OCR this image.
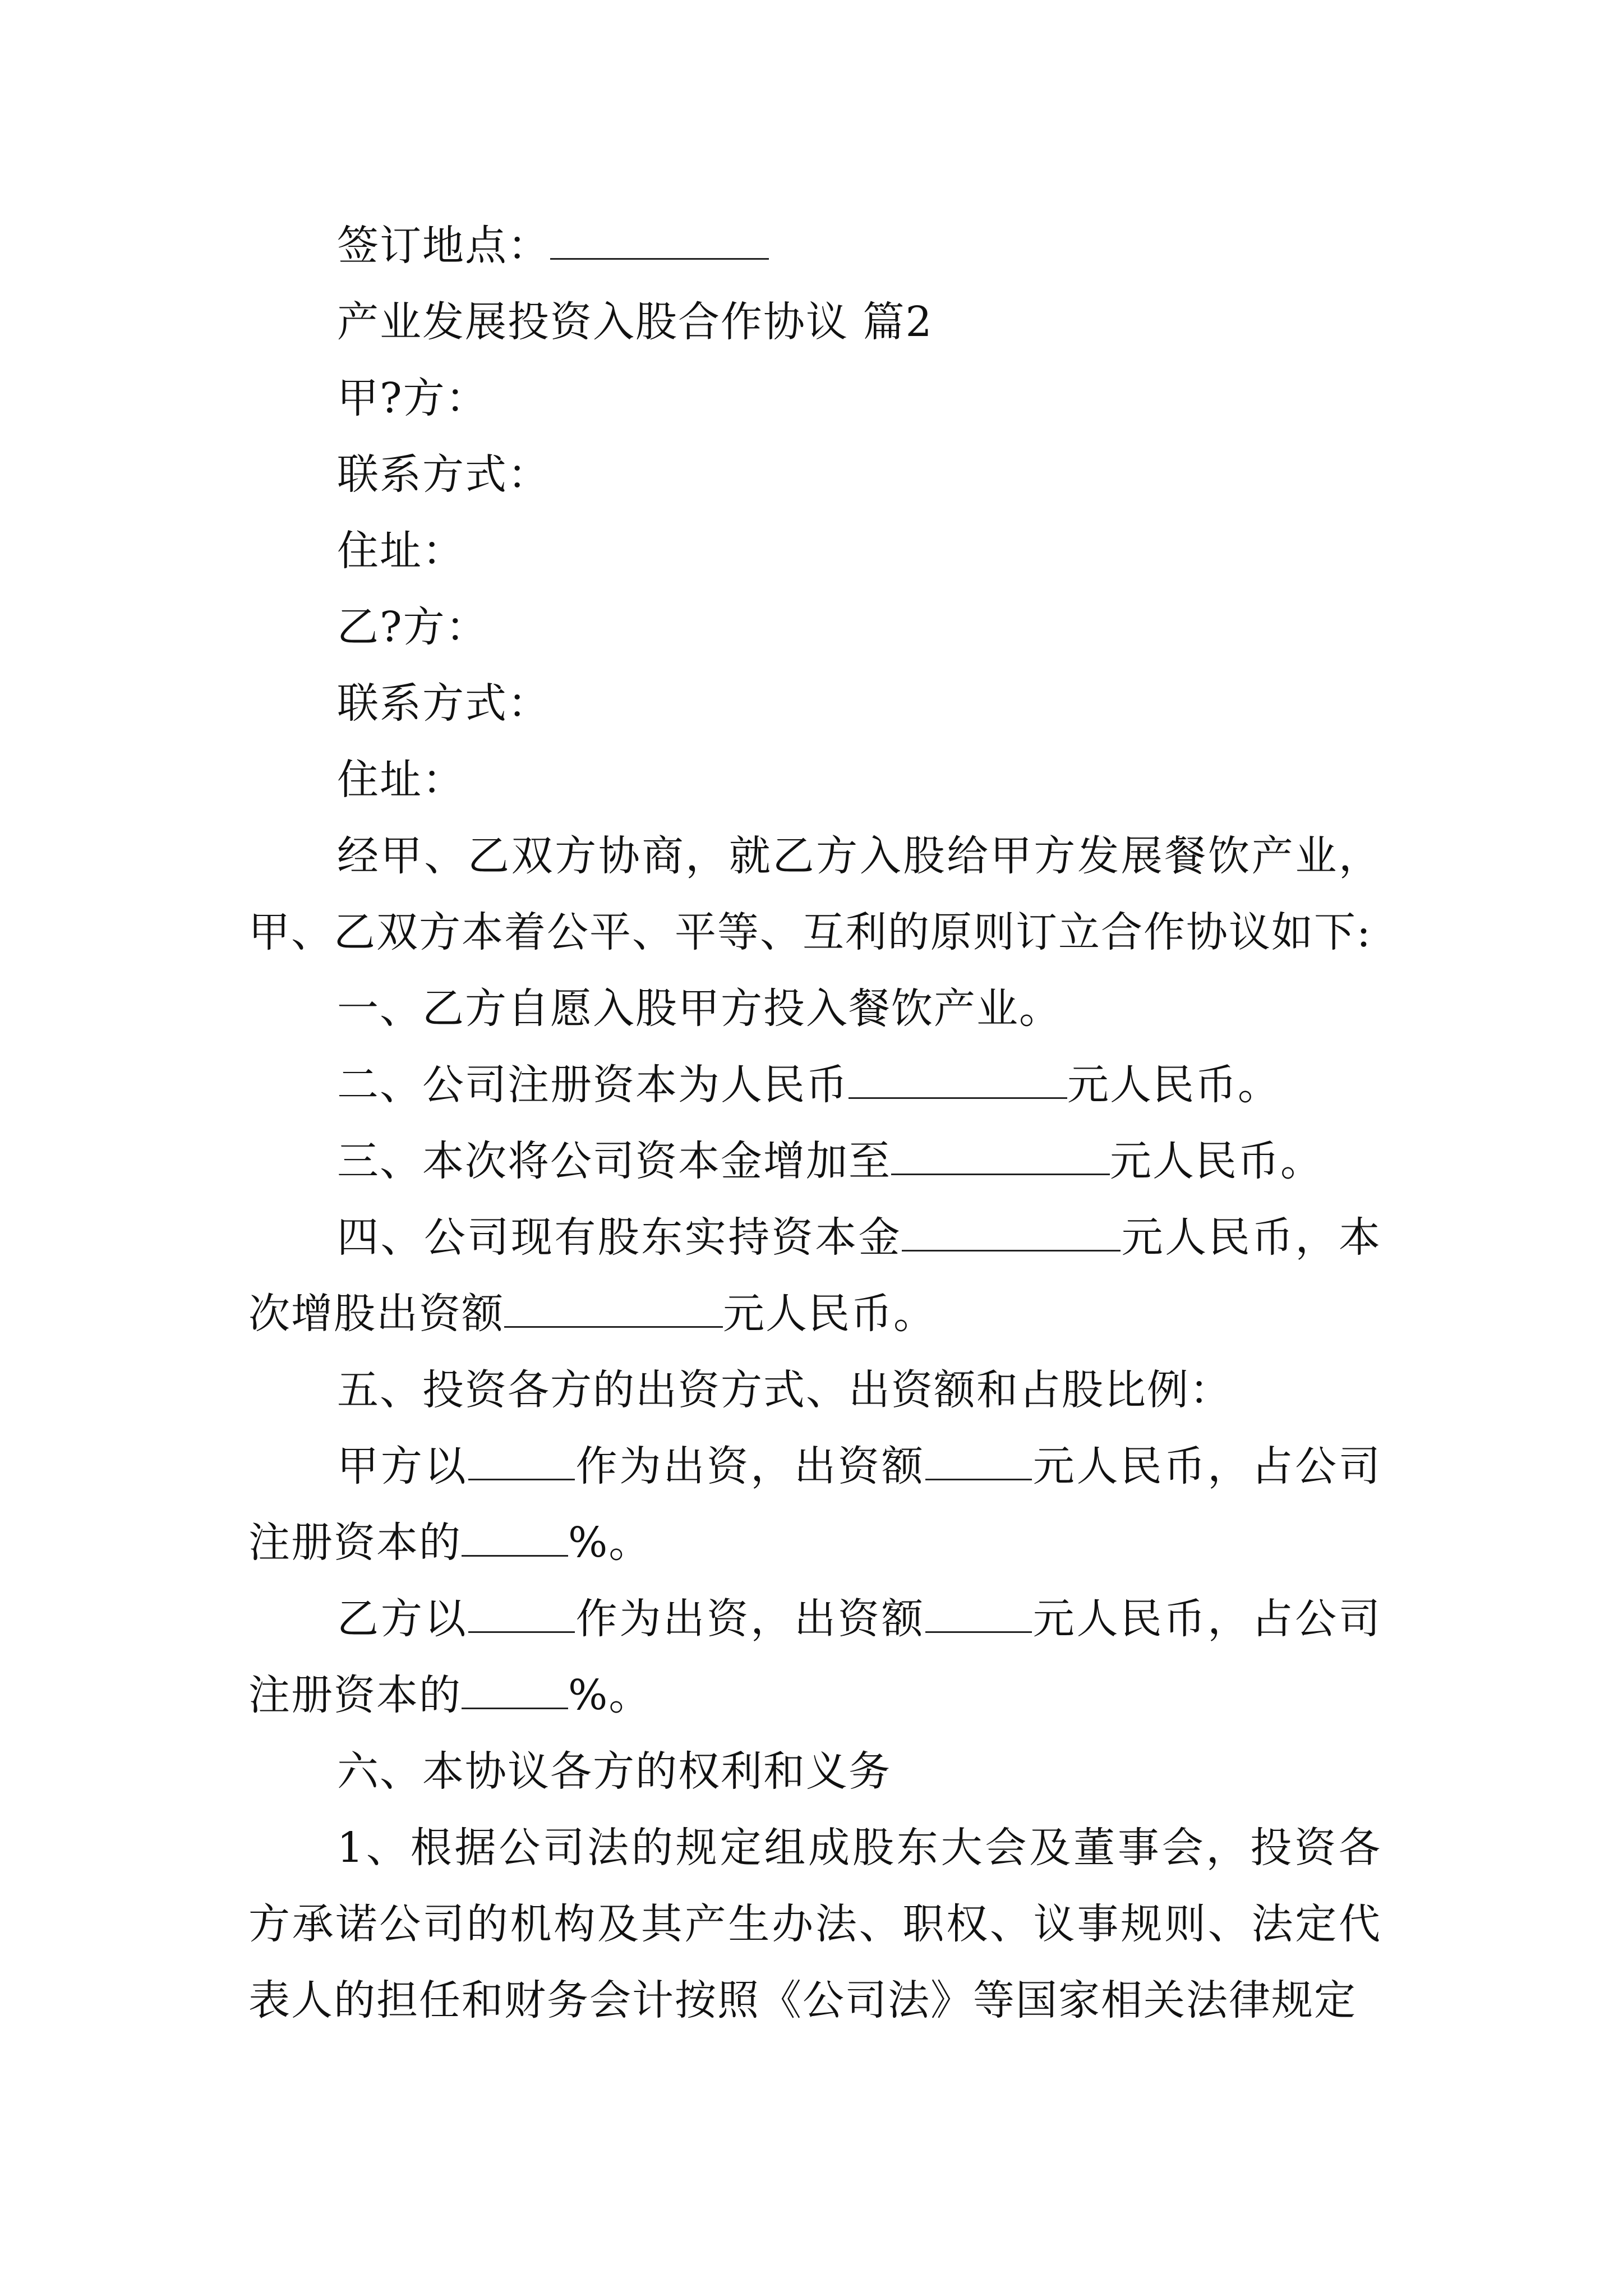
签订地点：

产业发展投资入股合作协议 篇2

甲?方：

联系方式：

住址：

乙?方：

联系方式：

住址：

经甲、乙双方协商，就乙方入股给甲方发展餐饮产业，甲、乙双方本着公平、平等、互利的原则订立合作协议如下:

一、乙方自愿入股甲方投入餐饮产业。

二、公司注册资本为人民币	元人民币。

三、本次将公司资本金增加至	元人民币。

四、公司现有股东实持资本金	元人民币，本次增股出资额	元人民币。

五、投资各方的出资方式、出资额和占股比例：

甲方以	作为出资，出资额	元人民币，占公司注册资本的	%。

乙方以	作为出资，出资额	元人民币，占公司注册资本的	%。

六、本协议各方的权利和义务

1、根据公司法的规定组成股东大会及董事会，投资各方承诺公司的机构及其产生办法、职权、议事规则、法定代表人的担任和财务会计按照《公司法》等国家相关法律规定
